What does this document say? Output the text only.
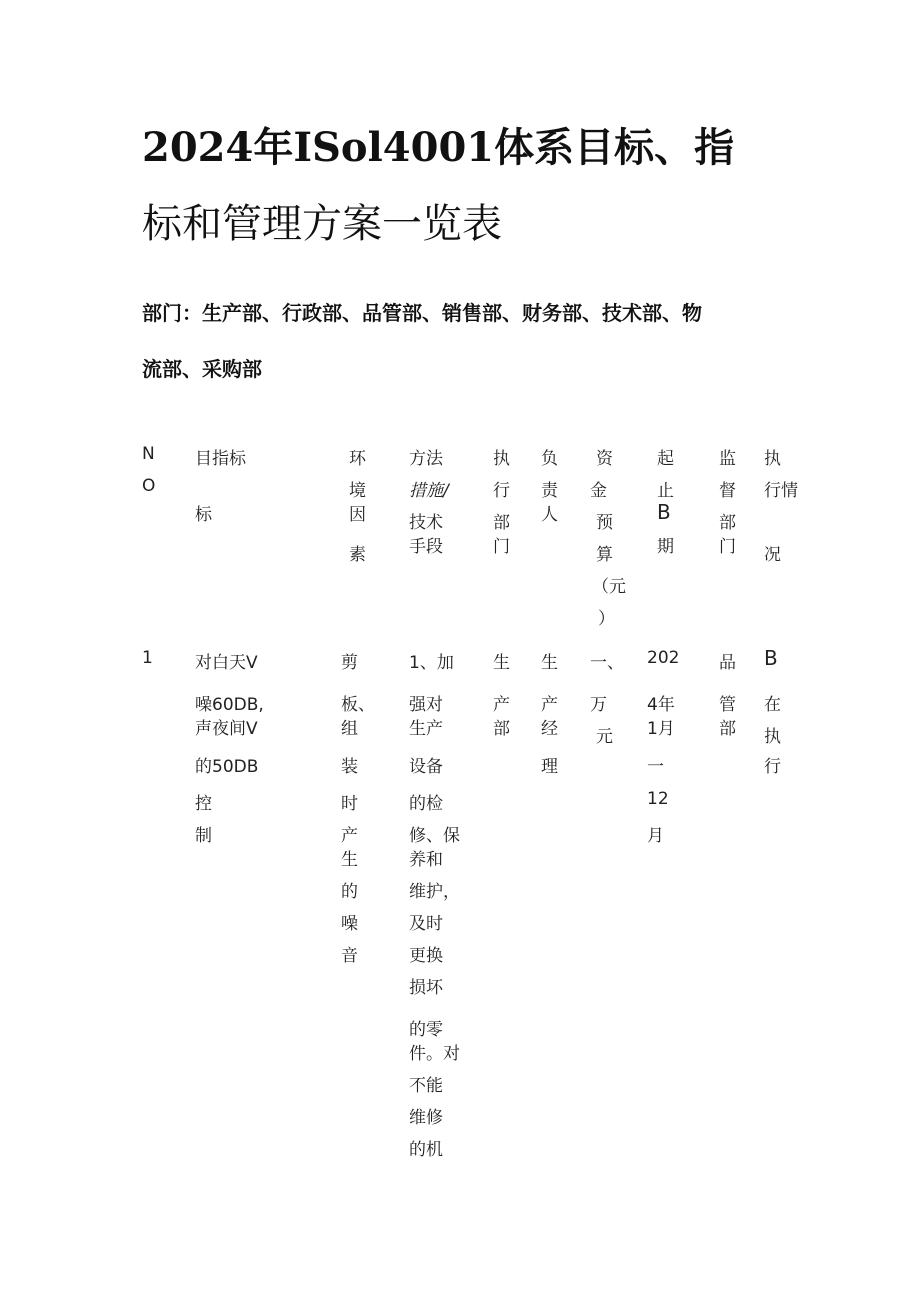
2024年ISol4001体系目标、指
标和管理方案一览表
部门：生产部、行政部、品管部、销售部、财务部、技术部、物
流部、采购部
N
O
目指标
标
环
境
因
素
方法
措施/
技术
手段
执
行
部
门
负
责
人
资
金
预
算
（元
）
起
止
B
期
监
督
部
门
执
行情
况
1 对白天V
噪60DB,
声夜间V
的50DB
控
制
剪
板、
组
装
时
产
生
的
噪
音
1、加
强对
生产
设备
的检
修、保
养和
维护，
及时
更换
损坏
的零
件。对
不能
维修
的机
生
产
部
生
产
经
理
一、
万
元
202
4年
1月
一
12
月
品
管
部
B
在
执
行
